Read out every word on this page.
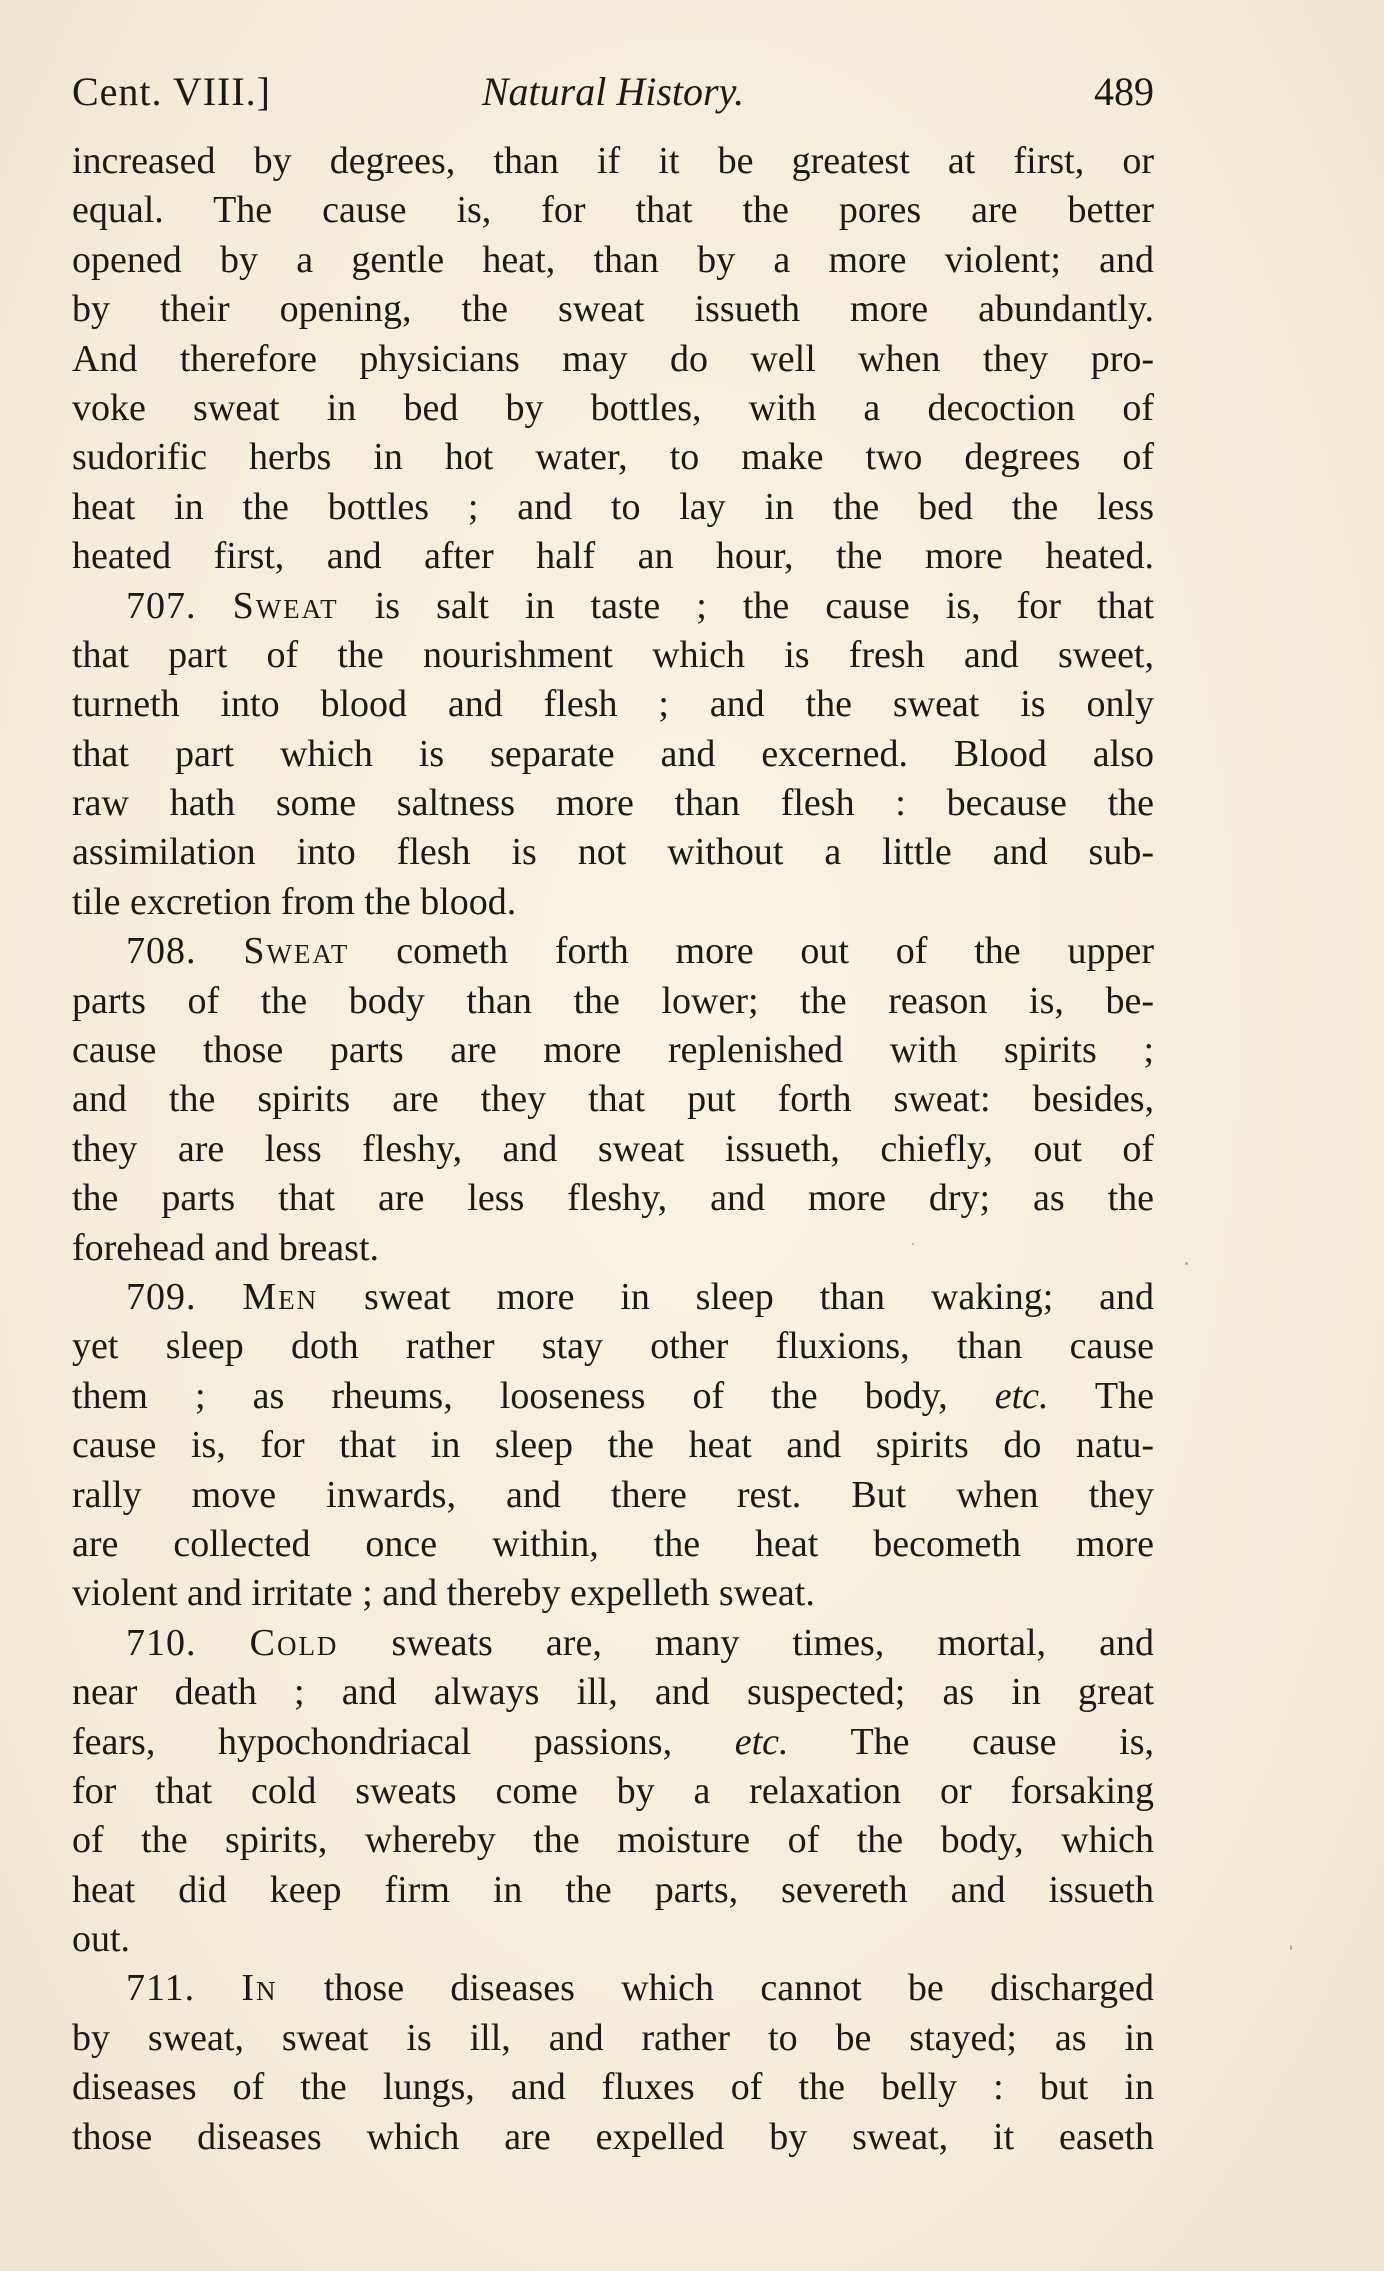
Cent. VIII.]	Natural History.	489
increased by degrees, than if it be greatest at first, or
equal. The cause is, for that the pores are better
opened by a gentle heat, than by a more violent; and
by their opening, the sweat issueth more abundantly.
And therefore physicians may do well when they pro-
voke sweat in bed by bottles, with a decoction of
sudorific herbs in hot water, to make two degrees of
heat in the bottles ; and to lay in the bed the less
heated first, and after half an hour, the more heated.
707. Sweat is salt in taste ; the cause is, for that
that part of the nourishment which is fresh and sweet,
turneth into blood and flesh ; and the sweat is only
that part which is separate and excerned. Blood also
raw hath some saltness more than flesh : because the
assimilation into flesh is not without a little and sub-
tile excretion from the blood.
708. Sweat cometh forth more out of the upper
parts of the body than the lower; the reason is, be-
cause those parts are more replenished with spirits ;
and the spirits are they that put forth sweat: besides,
they are less fleshy, and sweat issueth, chiefly, out of
the parts that are less fleshy, and more dry; as the
forehead and breast.
709. Men sweat more in sleep than waking; and
yet sleep doth rather stay other fluxions, than cause
them ; as rheums, looseness of the body, etc. The
cause is, for that in sleep the heat and spirits do natu-
rally move inwards, and there rest. But when they
are collected once within, the heat becometh more
violent and irritate ; and thereby expelleth sweat.
710. Cold sweats are, many times, mortal, and
near death ; and always ill, and suspected; as in great
fears, hypochondriacal passions, etc. The cause is,
for that cold sweats come by a relaxation or forsaking
of the spirits, whereby the moisture of the body, which
heat did keep firm in the parts, severeth and issueth
out.
711. In those diseases which cannot be discharged
by sweat, sweat is ill, and rather to be stayed; as in
diseases of the lungs, and fluxes of the belly : but in
those diseases which are expelled by sweat, it easeth
